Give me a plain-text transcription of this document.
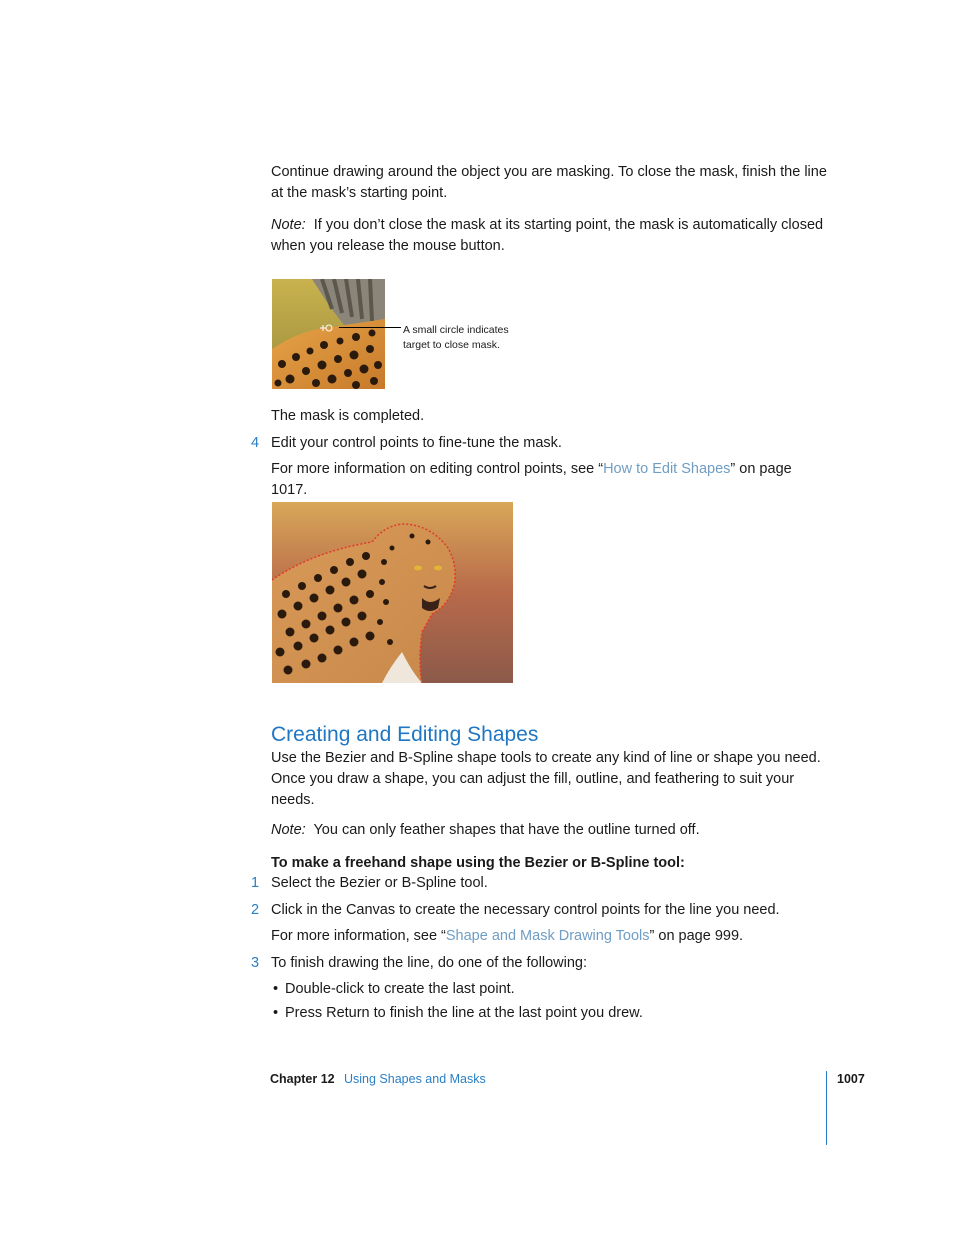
Continue drawing around the object you are masking. To close the mask, finish the line at the mask’s starting point.

Note: If you don’t close the mask at its starting point, the mask is automatically closed when you release the mouse button.

A small circle indicates
target to close mask.

The mask is completed.

4 Edit your control points to fine-tune the mask.

For more information on editing control points, see “How to Edit Shapes” on page 1017.

Creating and Editing Shapes

Use the Bezier and B-Spline shape tools to create any kind of line or shape you need. Once you draw a shape, you can adjust the fill, outline, and feathering to suit your needs.

Note: You can only feather shapes that have the outline turned off.

To make a freehand shape using the Bezier or B-Spline tool:

1 Select the Bezier or B-Spline tool.

2 Click in the Canvas to create the necessary control points for the line you need.

For more information, see “Shape and Mask Drawing Tools” on page 999.

3 To finish drawing the line, do one of the following:

• Double-click to create the last point.
• Press Return to finish the line at the last point you drew.
Chapter 12 Using Shapes and Masks	1007
